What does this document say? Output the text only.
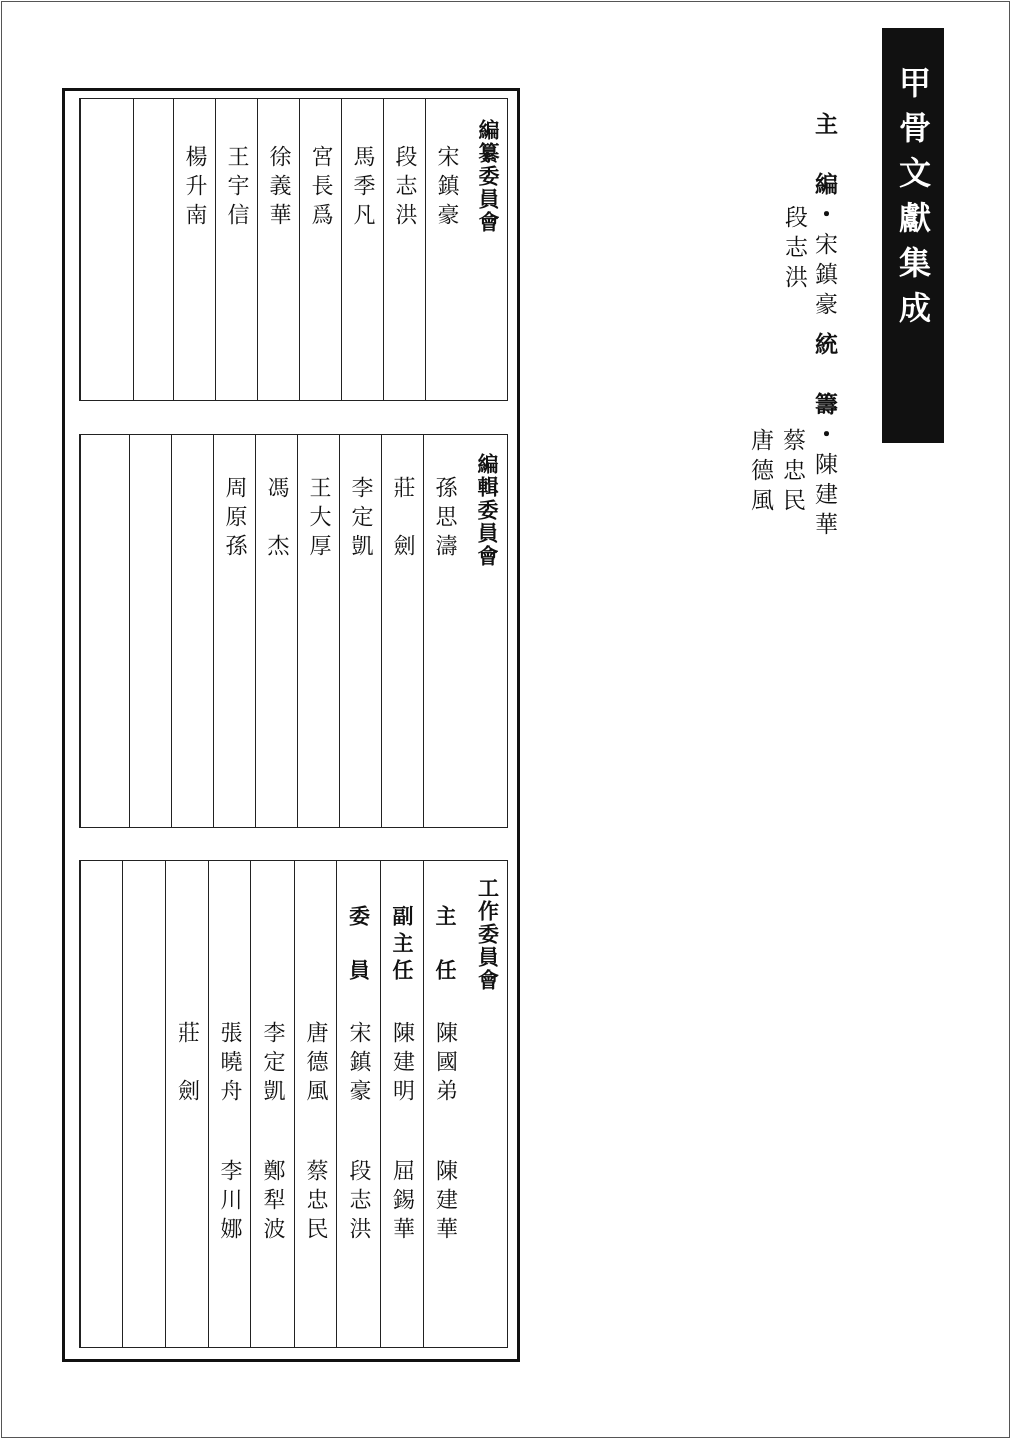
甲骨文獻集成
主　編・宋鎮豪
段志洪
統　籌・陳建華
蔡忠民
唐德風
編纂委員會
宋鎮豪
段志洪
馬季凡
宮長爲
徐義華
王宇信
楊升南
編輯委員會
孫思濤
莊　劍
李定凱
王大厚
馮　杰
周原孫
工作委員會
主　任
陳國弟
陳建華
副主任
陳建明
屈錫華
委　員
宋鎮豪
段志洪
唐德風
蔡忠民
李定凱
鄭犁波
張曉舟
李川娜
莊　劍
